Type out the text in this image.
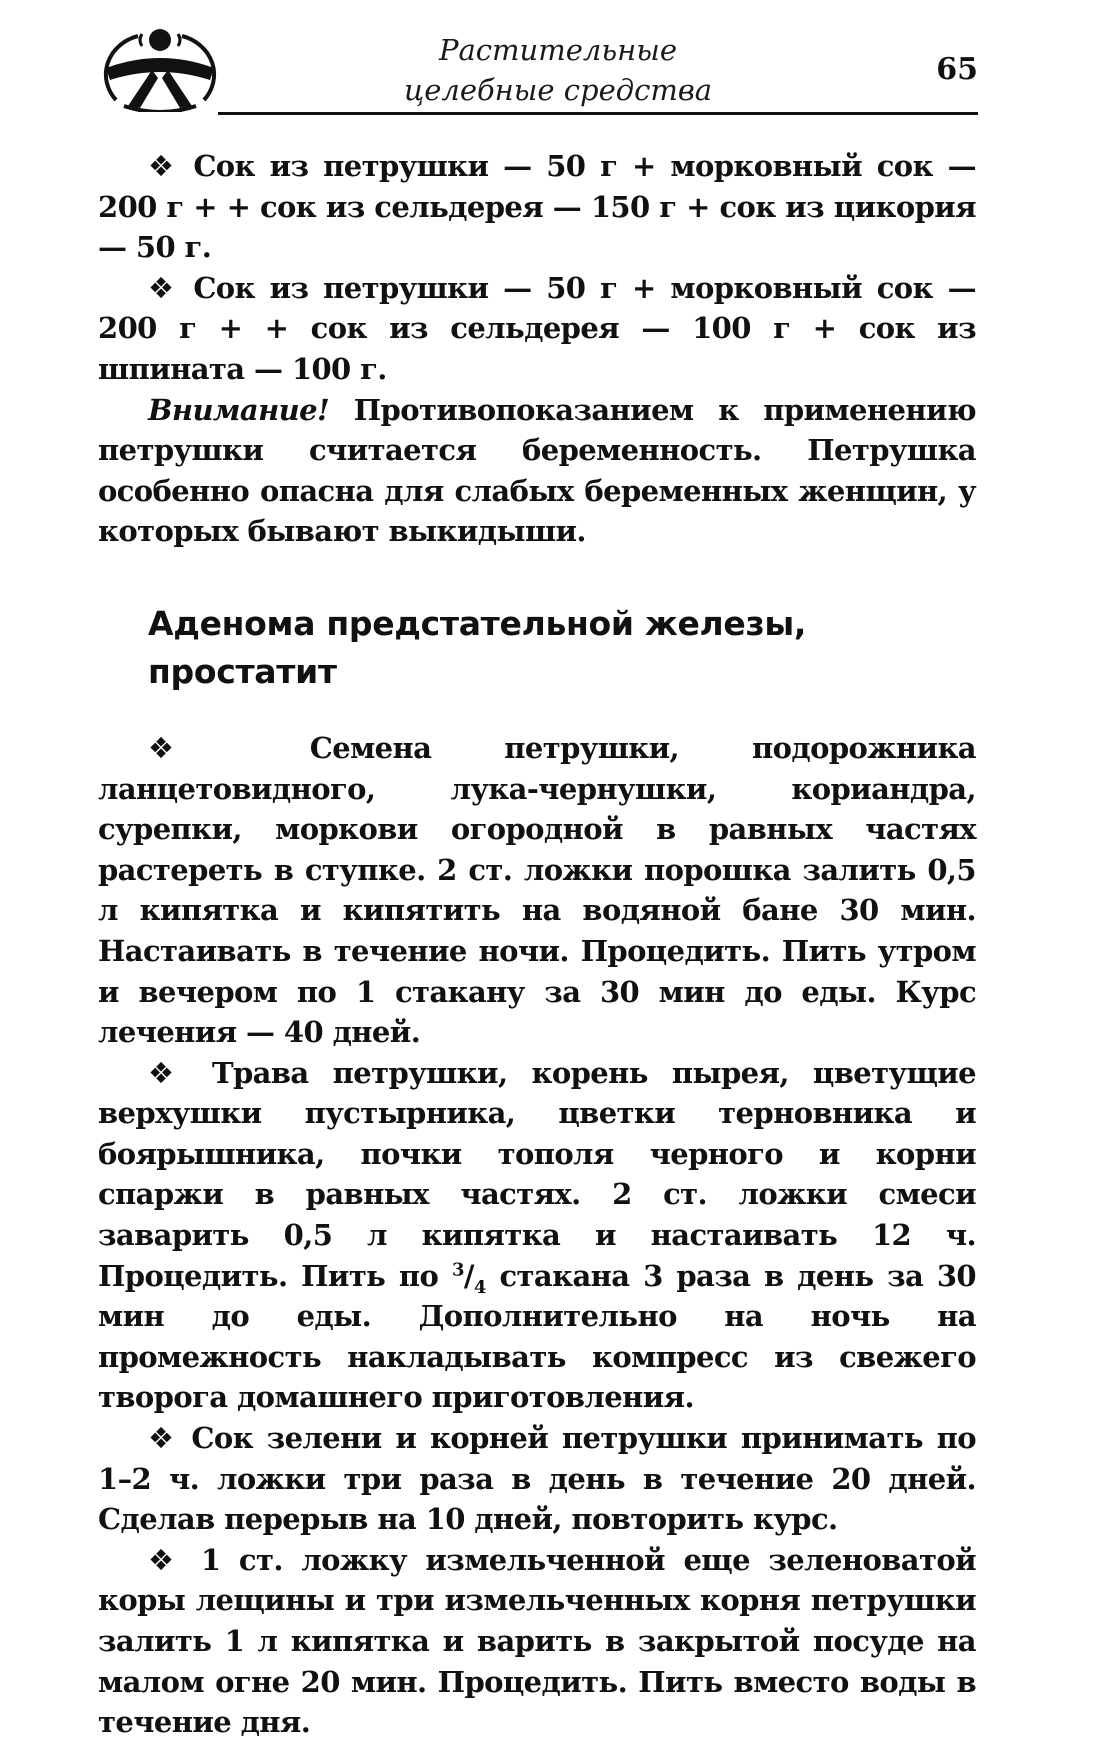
Растительные
целебные средства
65

❖ Сок из петрушки — 50 г + морковный сок — 200 г + + сок из сельдерея — 150 г + сок из цикория — 50 г.

❖ Сок из петрушки — 50 г + морковный сок — 200 г + + сок из сельдерея — 100 г + сок из шпината — 100 г.

Внимание! Противопоказанием к применению петрушки считается беременность. Петрушка особенно опасна для слабых беременных женщин, у которых бывают выкидыши.

Аденома предстательной железы,
простатит

❖ Семена петрушки, подорожника ланцетовидного, лука-чернушки, кориандра, сурепки, моркови огородной в равных частях растереть в ступке. 2 ст. ложки порошка залить 0,5 л кипятка и кипятить на водяной бане 30 мин. Настаивать в течение ночи. Процедить. Пить утром и вечером по 1 стакану за 30 мин до еды. Курс лечения — 40 дней.

❖ Трава петрушки, корень пырея, цветущие верхушки пустырника, цветки терновника и боярышника, почки тополя черного и корни спаржи в равных частях. 2 ст. ложки смеси заварить 0,5 л кипятка и настаивать 12 ч. Процедить. Пить по $^3/_4$ стакана 3 раза в день за 30 мин до еды. Дополнительно на ночь на промежность накладывать компресс из свежего творога домашнего приготовления.

❖ Сок зелени и корней петрушки принимать по 1–2 ч. ложки три раза в день в течение 20 дней. Сделав перерыв на 10 дней, повторить курс.

❖ 1 ст. ложку измельченной еще зеленоватой коры лещины и три измельченных корня петрушки залить 1 л кипятка и варить в закрытой посуде на малом огне 20 мин. Процедить. Пить вместо воды в течение дня.
